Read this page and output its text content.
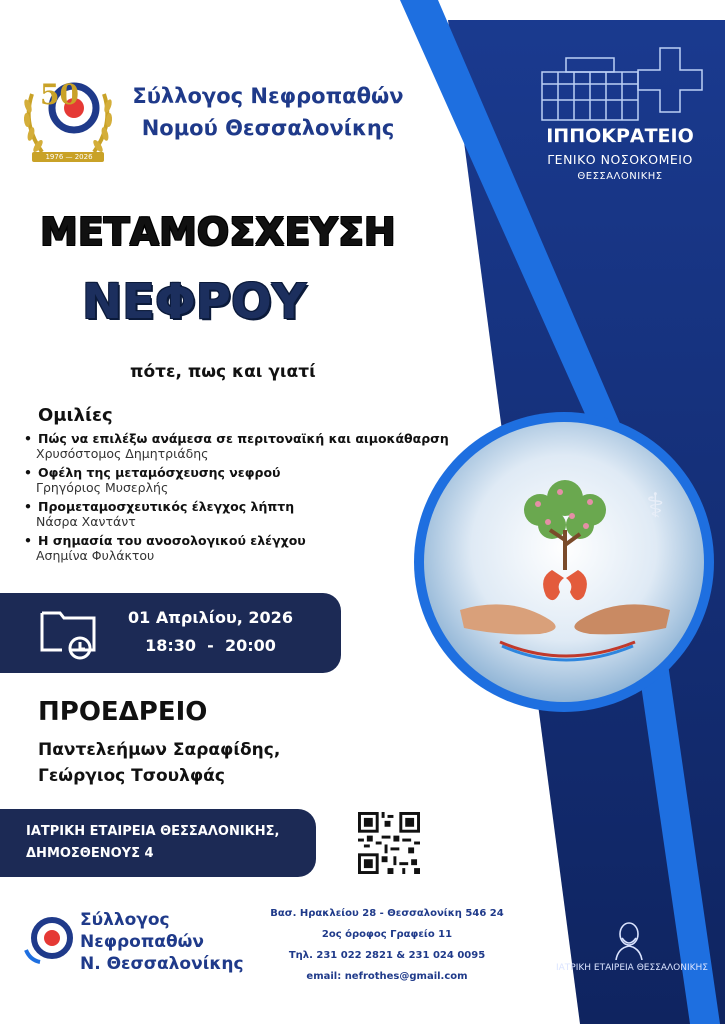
50
1976 — 2026
Σύλλογος Νεφροπαθών
Νομού Θεσσαλονίκης	ΙΠΠΟΚΡΑΤΕΙΟ
ΓΕΝΙΚΟ ΝΟΣΟΚΟΜΕΙΟ
ΘΕΣΣΑΛΟΝΙΚΗΣ
ΜΕΤΑΜΟΣΧΕΥΣΗ
ΝΕΦΡΟΥ
πότε, πως και γιατί
Ομιλίες
• Πώς να επιλέξω ανάμεσα σε περιτοναϊκή και αιμοκάθαρση
Χρυσόστομος Δημητριάδης
• Οφέλη της μεταμόσχευσης νεφρού
Γρηγόριος Μυσερλής
• Προμεταμοσχευτικός έλεγχος λήπτη
Νάσρα Χαντάντ
• Η σημασία του ανοσολογικού ελέγχου
Ασημίνα Φυλάκτου
⚕
01 Απριλίου, 2026
18:30  -  20:00
ΠΡΟΕΔΡΕΙΟ
Παντελεήμων Σαραφίδης,
Γεώργιος Τσουλφάς
ΙΑΤΡΙΚΗ ΕΤΑΙΡΕΙΑ ΘΕΣΣΑΛΟΝΙΚΗΣ,
ΔΗΜΟΣΘΕΝΟΥΣ 4
Σύλλογος
Νεφροπαθών
Ν. Θεσσαλονίκης
Βασ. Ηρακλείου 28 - Θεσσαλονίκη 546 24
2ος όροφος Γραφείο 11
Τηλ. 231 022 2821 & 231 024 0095
email: nefrothes@gmail.com
ΙΑΤΡΙΚΗ ΕΤΑΙΡΕΙΑ ΘΕΣΣΑΛΟΝΙΚΗΣ
